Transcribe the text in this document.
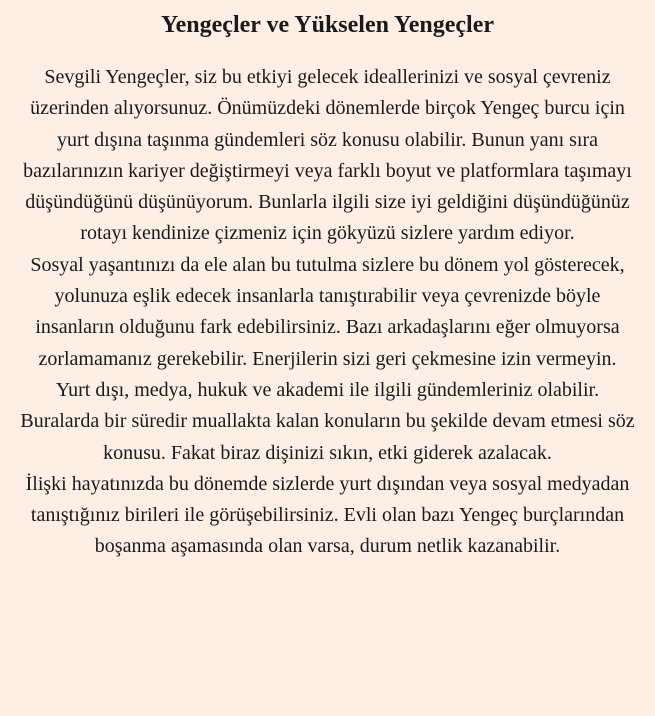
Yengeçler ve Yükselen Yengeçler

Sevgili Yengeçler, siz bu etkiyi gelecek ideallerinizi ve sosyal çevreniz üzerinden alıyorsunuz. Önümüzdeki dönemlerde birçok Yengeç burcu için yurt dışına taşınma gündemleri söz konusu olabilir. Bunun yanı sıra bazılarınızın kariyer değiştirmeyi veya farklı boyut ve platformlara taşımayı düşündüğünü düşünüyorum. Bunlarla ilgili size iyi geldiğini düşündüğünüz rotayı kendinize çizmeniz için gökyüzü sizlere yardım ediyor.

Sosyal yaşantınızı da ele alan bu tutulma sizlere bu dönem yol gösterecek, yolunuza eşlik edecek insanlarla tanıştırabilir veya çevrenizde böyle insanların olduğunu fark edebilirsiniz. Bazı arkadaşlarını eğer olmuyorsa zorlamamanız gerekebilir. Enerjilerin sizi geri çekmesine izin vermeyin.

Yurt dışı, medya, hukuk ve akademi ile ilgili gündemleriniz olabilir. Buralarda bir süredir muallakta kalan konuların bu şekilde devam etmesi söz konusu. Fakat biraz dişinizi sıkın, etki giderek azalacak.

İlişki hayatınızda bu dönemde sizlerde yurt dışından veya sosyal medyadan tanıştığınız birileri ile görüşebilirsiniz. Evli olan bazı Yengeç burçlarından boşanma aşamasında olan varsa, durum netlik kazanabilir.
